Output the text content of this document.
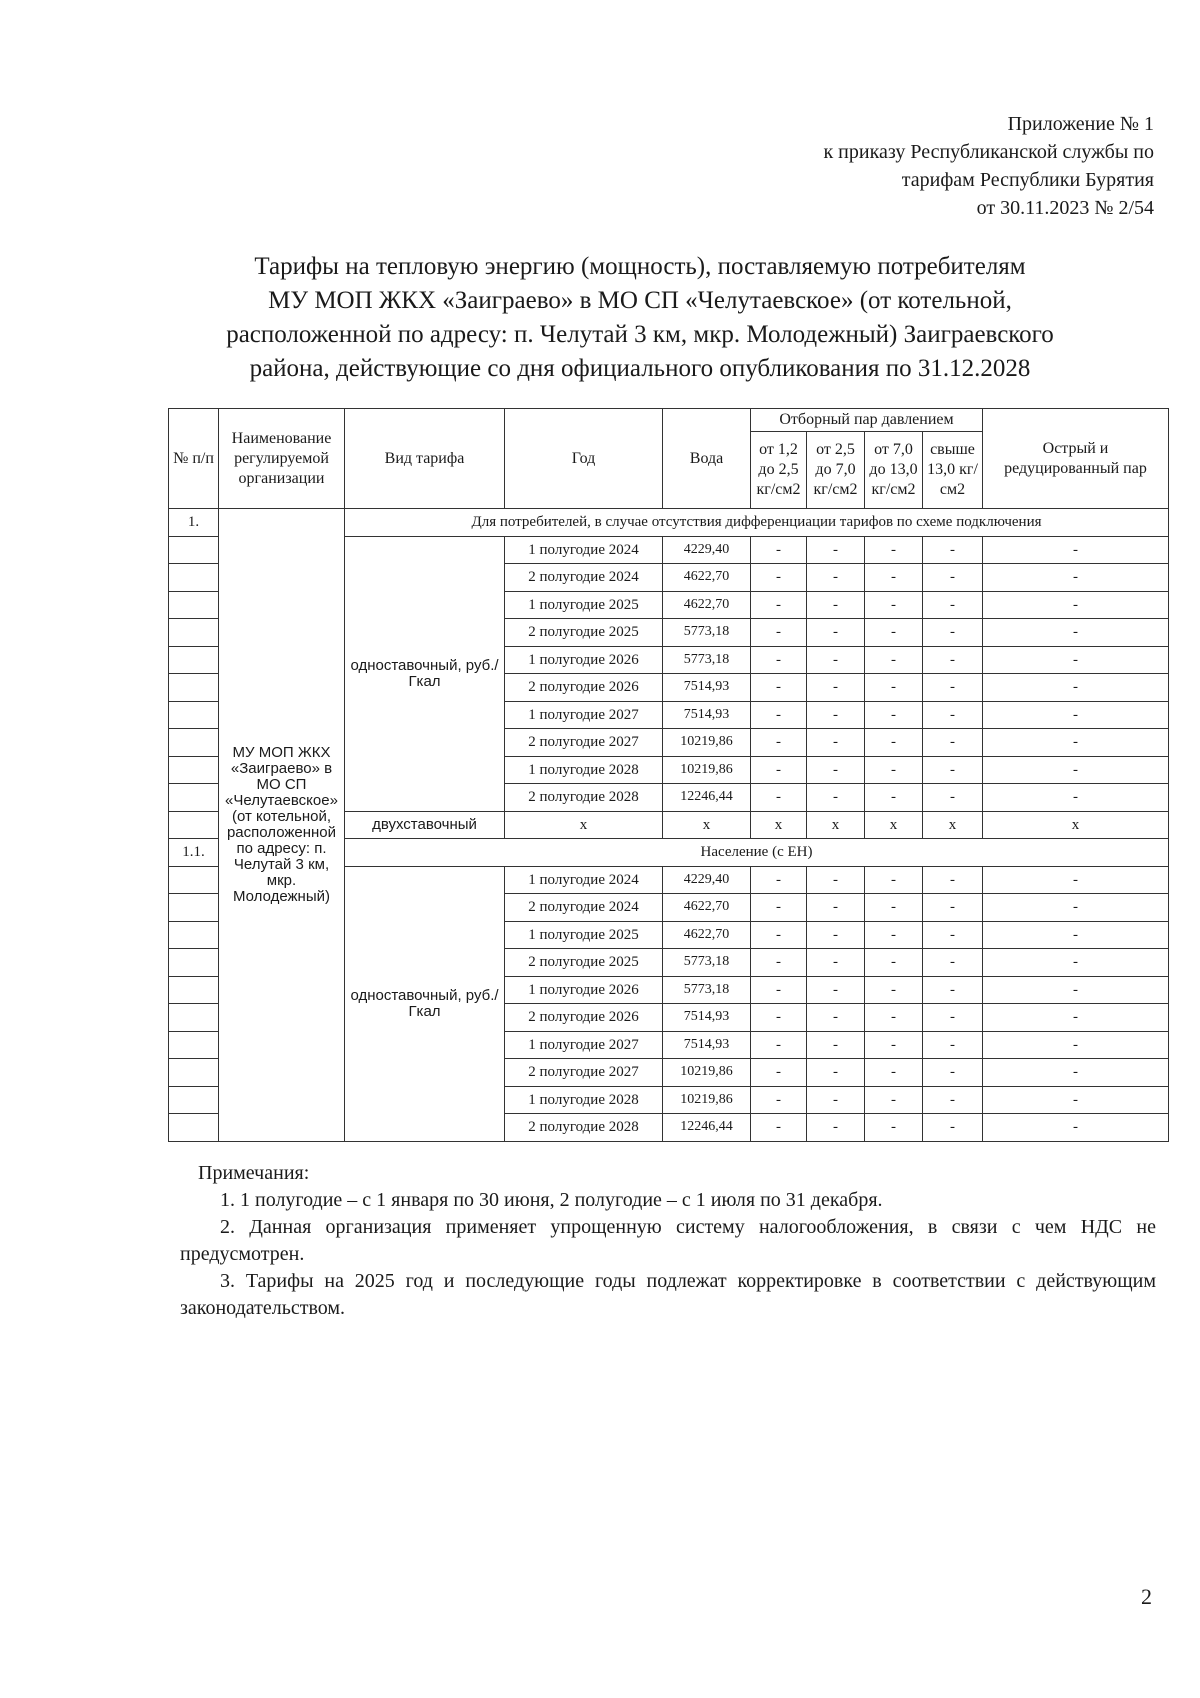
Приложение № 1
к приказу Республиканской службы по
тарифам Республики Бурятия
от 30.11.2023 № 2/54
Тарифы на тепловую энергию (мощность), поставляемую потребителям
МУ МОП ЖКХ «Заиграево» в МО СП «Челутаевское» (от котельной,
расположенной по адресу: п. Челутай 3 км, мкр. Молодежный) Заиграевского
района, действующие со дня официального опубликования по 31.12.2028
№ п/п	Наименование регулируемой организации	Вид тарифа	Год	Вода	Отборный пар давлением				Острый и редуцированный пар
					от 1,2 до 2,5 кг/см2	от 2,5 до 7,0 кг/см2	от 7,0 до 13,0 кг/см2	свыше 13,0 кг/см2	
1.	МУ МОП ЖКХ «Заиграево» в МО СП «Челутаевское» (от котельной, расположенной по адресу: п. Челутай 3 км, мкр. Молодежный)	Для потребителей, в случае отсутствия дифференциации тарифов по схеме подключения							
		одноставочный, руб./Гкал	1 полугодие 2024	4229,40	-	-	-	-	-
			2 полугодие 2024	4622,70	-	-	-	-	-
			1 полугодие 2025	4622,70	-	-	-	-	-
			2 полугодие 2025	5773,18	-	-	-	-	-
			1 полугодие 2026	5773,18	-	-	-	-	-
			2 полугодие 2026	7514,93	-	-	-	-	-
			1 полугодие 2027	7514,93	-	-	-	-	-
			2 полугодие 2027	10219,86	-	-	-	-	-
			1 полугодие 2028	10219,86	-	-	-	-	-
			2 полугодие 2028	12246,44	-	-	-	-	-
		двухставочный	x	x	x	x	x	x	x
1.1.		Население (с ЕН)							
		одноставочный, руб./Гкал	1 полугодие 2024	4229,40	-	-	-	-	-
			2 полугодие 2024	4622,70	-	-	-	-	-
			1 полугодие 2025	4622,70	-	-	-	-	-
			2 полугодие 2025	5773,18	-	-	-	-	-
			1 полугодие 2026	5773,18	-	-	-	-	-
			2 полугодие 2026	7514,93	-	-	-	-	-
			1 полугодие 2027	7514,93	-	-	-	-	-
			2 полугодие 2027	10219,86	-	-	-	-	-
			1 полугодие 2028	10219,86	-	-	-	-	-
			2 полугодие 2028	12246,44	-	-	-	-	-

Примечания:

1. 1 полугодие – с 1 января по 30 июня, 2 полугодие – с 1 июля по 31 декабря.

2. Данная организация применяет упрощенную систему налогообложения, в связи с чем НДС не предусмотрен.

3. Тарифы на 2025 год и последующие годы подлежат корректировке в соответствии с действующим законодательством.

2
